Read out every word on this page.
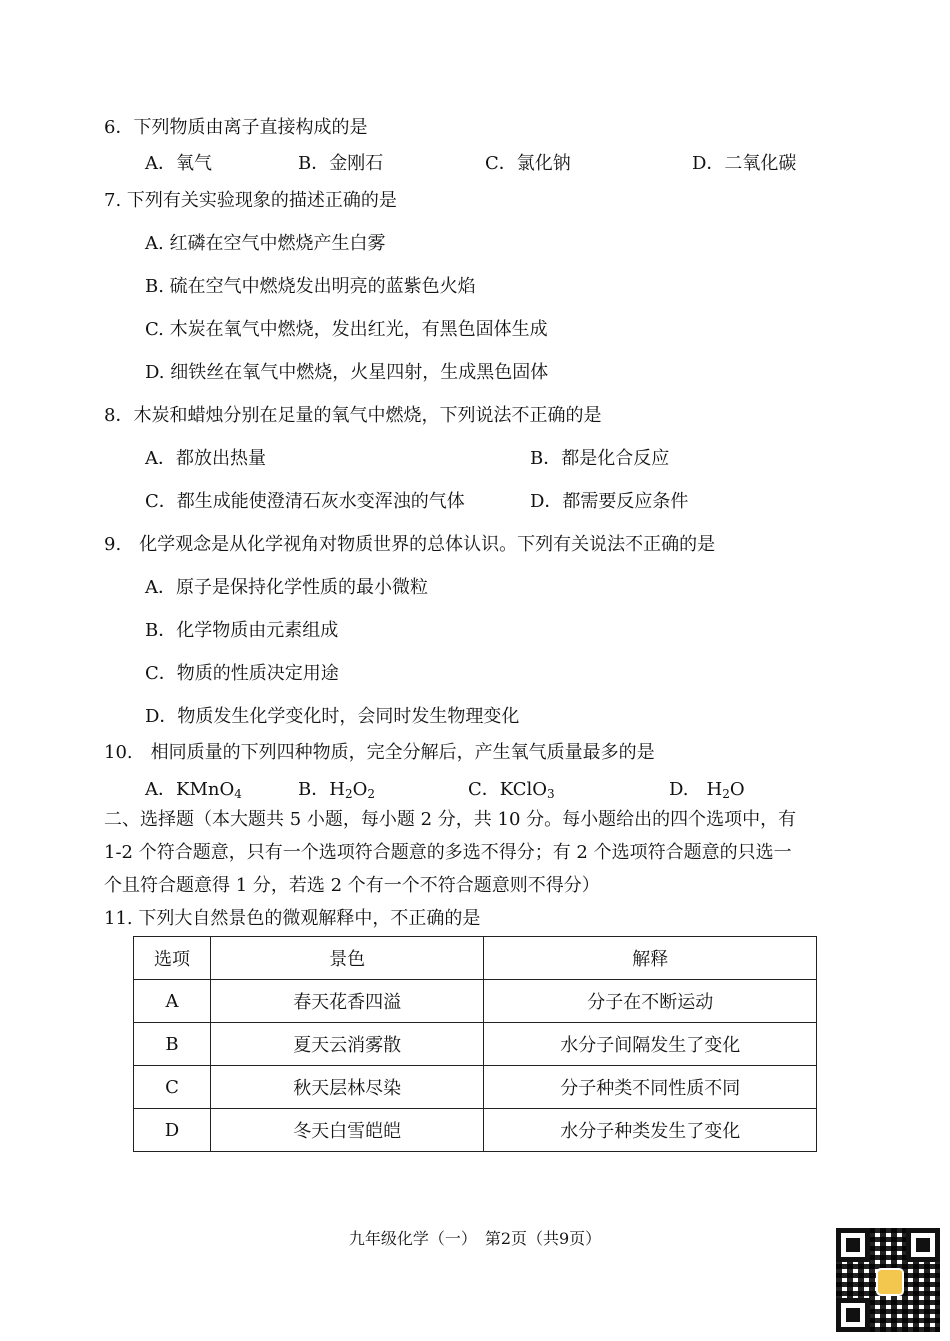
6．下列物质由离子直接构成的是
A．氧气	B．金刚石	C．氯化钠	D．二氧化碳
7. 下列有关实验现象的描述正确的是
A. 红磷在空气中燃烧产生白雾
B. 硫在空气中燃烧发出明亮的蓝紫色火焰
C. 木炭在氧气中燃烧，发出红光，有黑色固体生成
D. 细铁丝在氧气中燃烧，火星四射，生成黑色固体
8．木炭和蜡烛分别在足量的氧气中燃烧，下列说法不正确的是
A．都放出热量	B．都是化合反应
C．都生成能使澄清石灰水变浑浊的气体	D．都需要反应条件
9.　化学观念是从化学视角对物质世界的总体认识。下列有关说法不正确的是
A．原子是保持化学性质的最小微粒
B．化学物质由元素组成
C．物质的性质决定用途
D．物质发生化学变化时，会同时发生物理变化
10.　相同质量的下列四种物质，完全分解后，产生氧气质量最多的是
A．KMnO$_4$	B．$H_2O_2$	C．KClO$_3$	D.　$H_2O$
二、选择题（本大题共 5 小题，每小题 2 分，共 10 分。每小题给出的四个选项中，有
1-2 个符合题意，只有一个选项符合题意的多选不得分；有 2 个选项符合题意的只选一
个且符合题意得 1 分，若选 2 个有一个不符合题意则不得分）
11. 下列大自然景色的微观解释中，不正确的是
选项	景色	解释
A	春天花香四溢	分子在不断运动
B	夏天云消雾散	水分子间隔发生了变化
C	秋天层林尽染	分子种类不同性质不同
D	冬天白雪皑皑	水分子种类发生了变化
九年级化学（一）　第2页（共9页）
